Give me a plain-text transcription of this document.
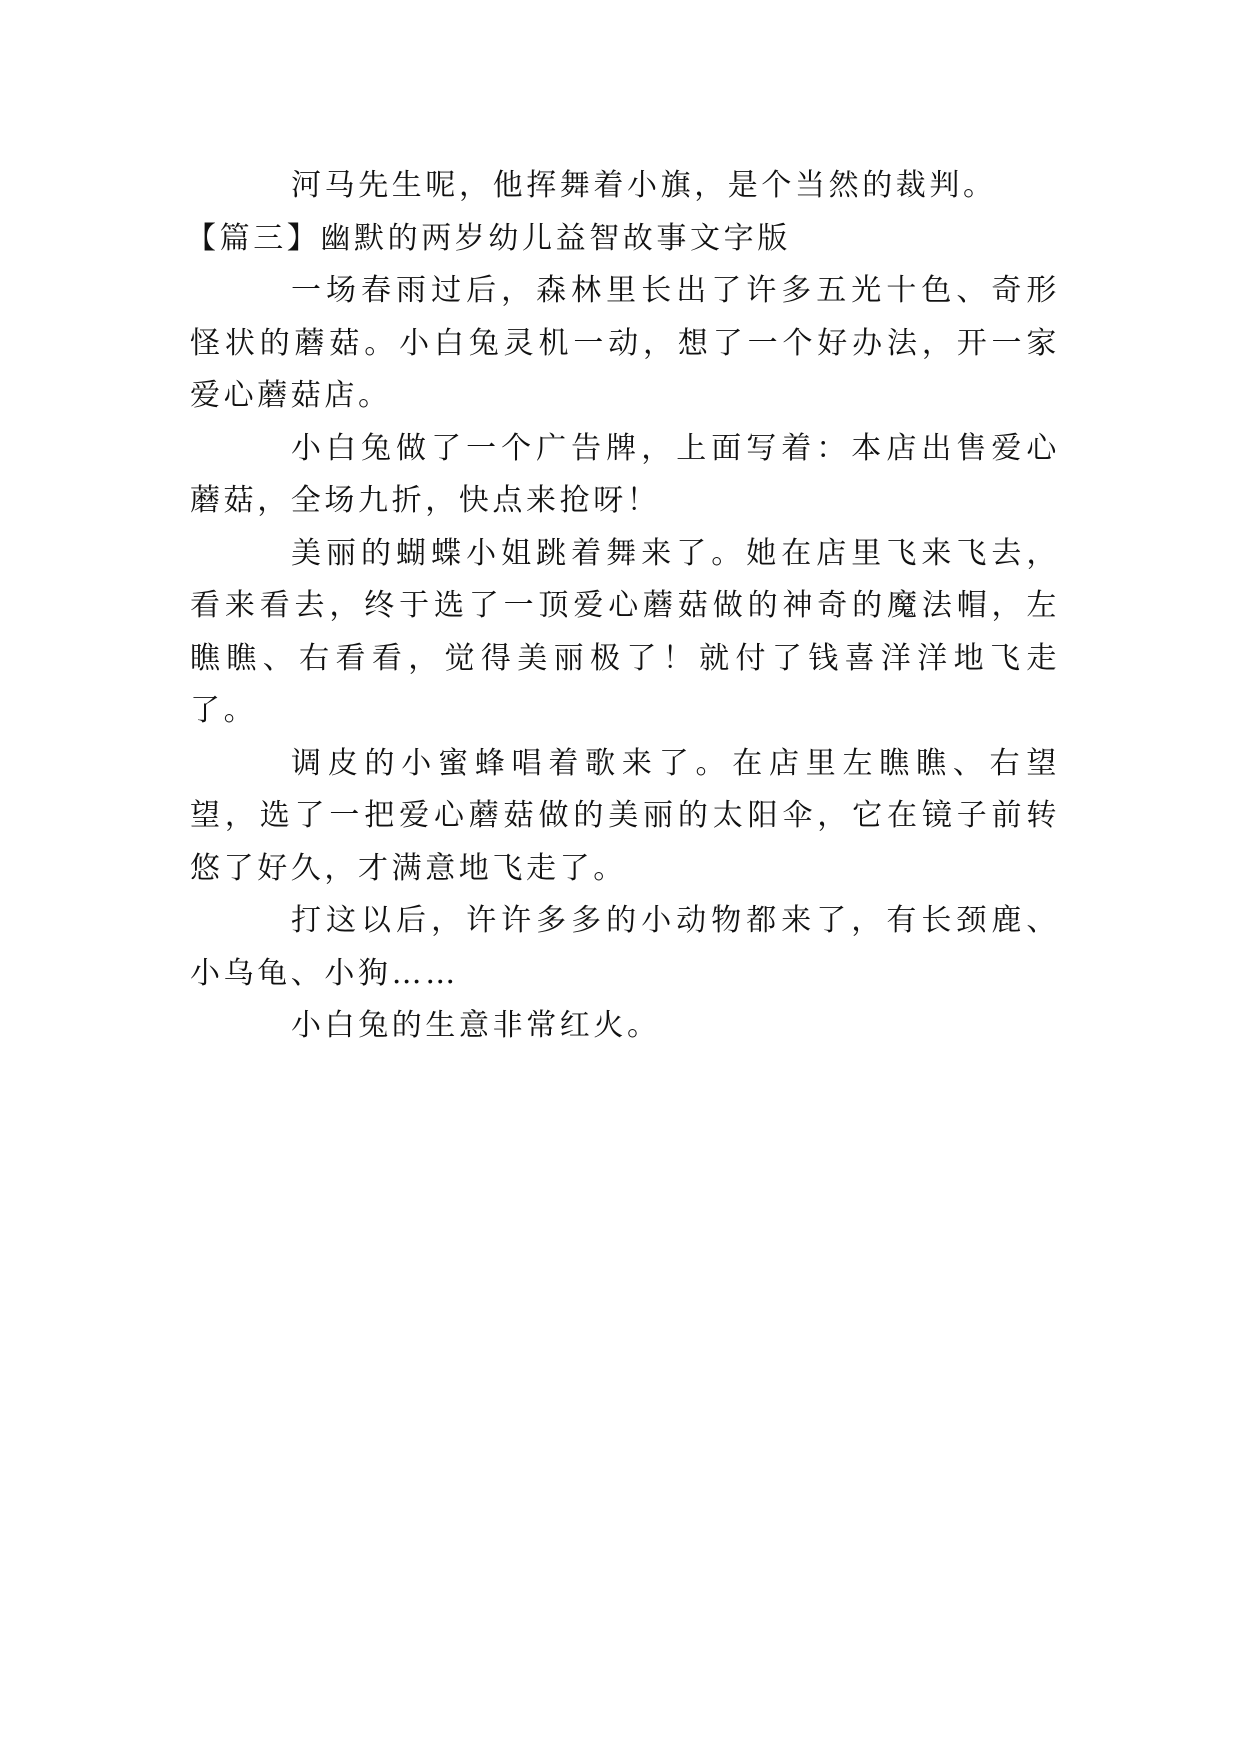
河马先生呢，他挥舞着小旗，是个当然的裁判。

【篇三】幽默的两岁幼儿益智故事文字版

一场春雨过后，森林里长出了许多五光十色、奇形怪状的蘑菇。小白兔灵机一动，想了一个好办法，开一家爱心蘑菇店。

小白兔做了一个广告牌，上面写着：本店出售爱心蘑菇，全场九折，快点来抢呀！

美丽的蝴蝶小姐跳着舞来了。她在店里飞来飞去，看来看去，终于选了一顶爱心蘑菇做的神奇的魔法帽，左瞧瞧、右看看，觉得美丽极了！就付了钱喜洋洋地飞走了。

调皮的小蜜蜂唱着歌来了。在店里左瞧瞧、右望望，选了一把爱心蘑菇做的美丽的太阳伞，它在镜子前转悠了好久，才满意地飞走了。

打这以后，许许多多的小动物都来了，有长颈鹿、小乌龟、小狗……

小白兔的生意非常红火。
